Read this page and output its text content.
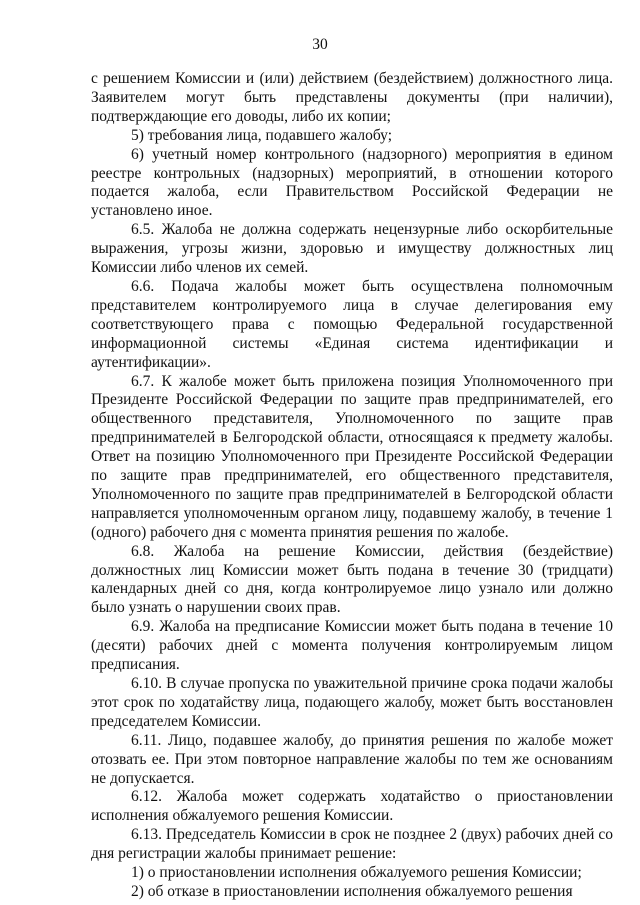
30

с решением Комиссии и (или) действием (бездействием) должностного лица. Заявителем могут быть представлены документы (при наличии), подтверждающие его доводы, либо их копии;

5) требования лица, подавшего жалобу;

6) учетный номер контрольного (надзорного) мероприятия в едином реестре контрольных (надзорных) мероприятий, в отношении которого подается жалоба, если Правительством Российской Федерации не установлено иное.

6.5. Жалоба не должна содержать нецензурные либо оскорбительные выражения, угрозы жизни, здоровью и имуществу должностных лиц Комиссии либо членов их семей.

6.6. Подача жалобы может быть осуществлена полномочным представителем контролируемого лица в случае делегирования ему соответствующего права с помощью Федеральной государственной информационной системы «Единая система идентификации и аутентификации».

6.7. К жалобе может быть приложена позиция Уполномоченного при Президенте Российской Федерации по защите прав предпринимателей, его общественного представителя, Уполномоченного по защите прав предпринимателей в Белгородской области, относящаяся к предмету жалобы. Ответ на позицию Уполномоченного при Президенте Российской Федерации по защите прав предпринимателей, его общественного представителя, Уполномоченного по защите прав предпринимателей в Белгородской области направляется уполномоченным органом лицу, подавшему жалобу, в течение 1 (одного) рабочего дня с момента принятия решения по жалобе.

6.8. Жалоба на решение Комиссии, действия (бездействие) должностных лиц Комиссии может быть подана в течение 30 (тридцати) календарных дней со дня, когда контролируемое лицо узнало или должно было узнать о нарушении своих прав.

6.9. Жалоба на предписание Комиссии может быть подана в течение 10 (десяти) рабочих дней с момента получения контролируемым лицом предписания.

6.10. В случае пропуска по уважительной причине срока подачи жалобы этот срок по ходатайству лица, подающего жалобу, может быть восстановлен председателем Комиссии.

6.11. Лицо, подавшее жалобу, до принятия решения по жалобе может отозвать ее. При этом повторное направление жалобы по тем же основаниям не допускается.

6.12. Жалоба может содержать ходатайство о приостановлении исполнения обжалуемого решения Комиссии.

6.13. Председатель Комиссии в срок не позднее 2 (двух) рабочих дней со дня регистрации жалобы принимает решение:

1) о приостановлении исполнения обжалуемого решения Комиссии;

2) об отказе в приостановлении исполнения обжалуемого решения
